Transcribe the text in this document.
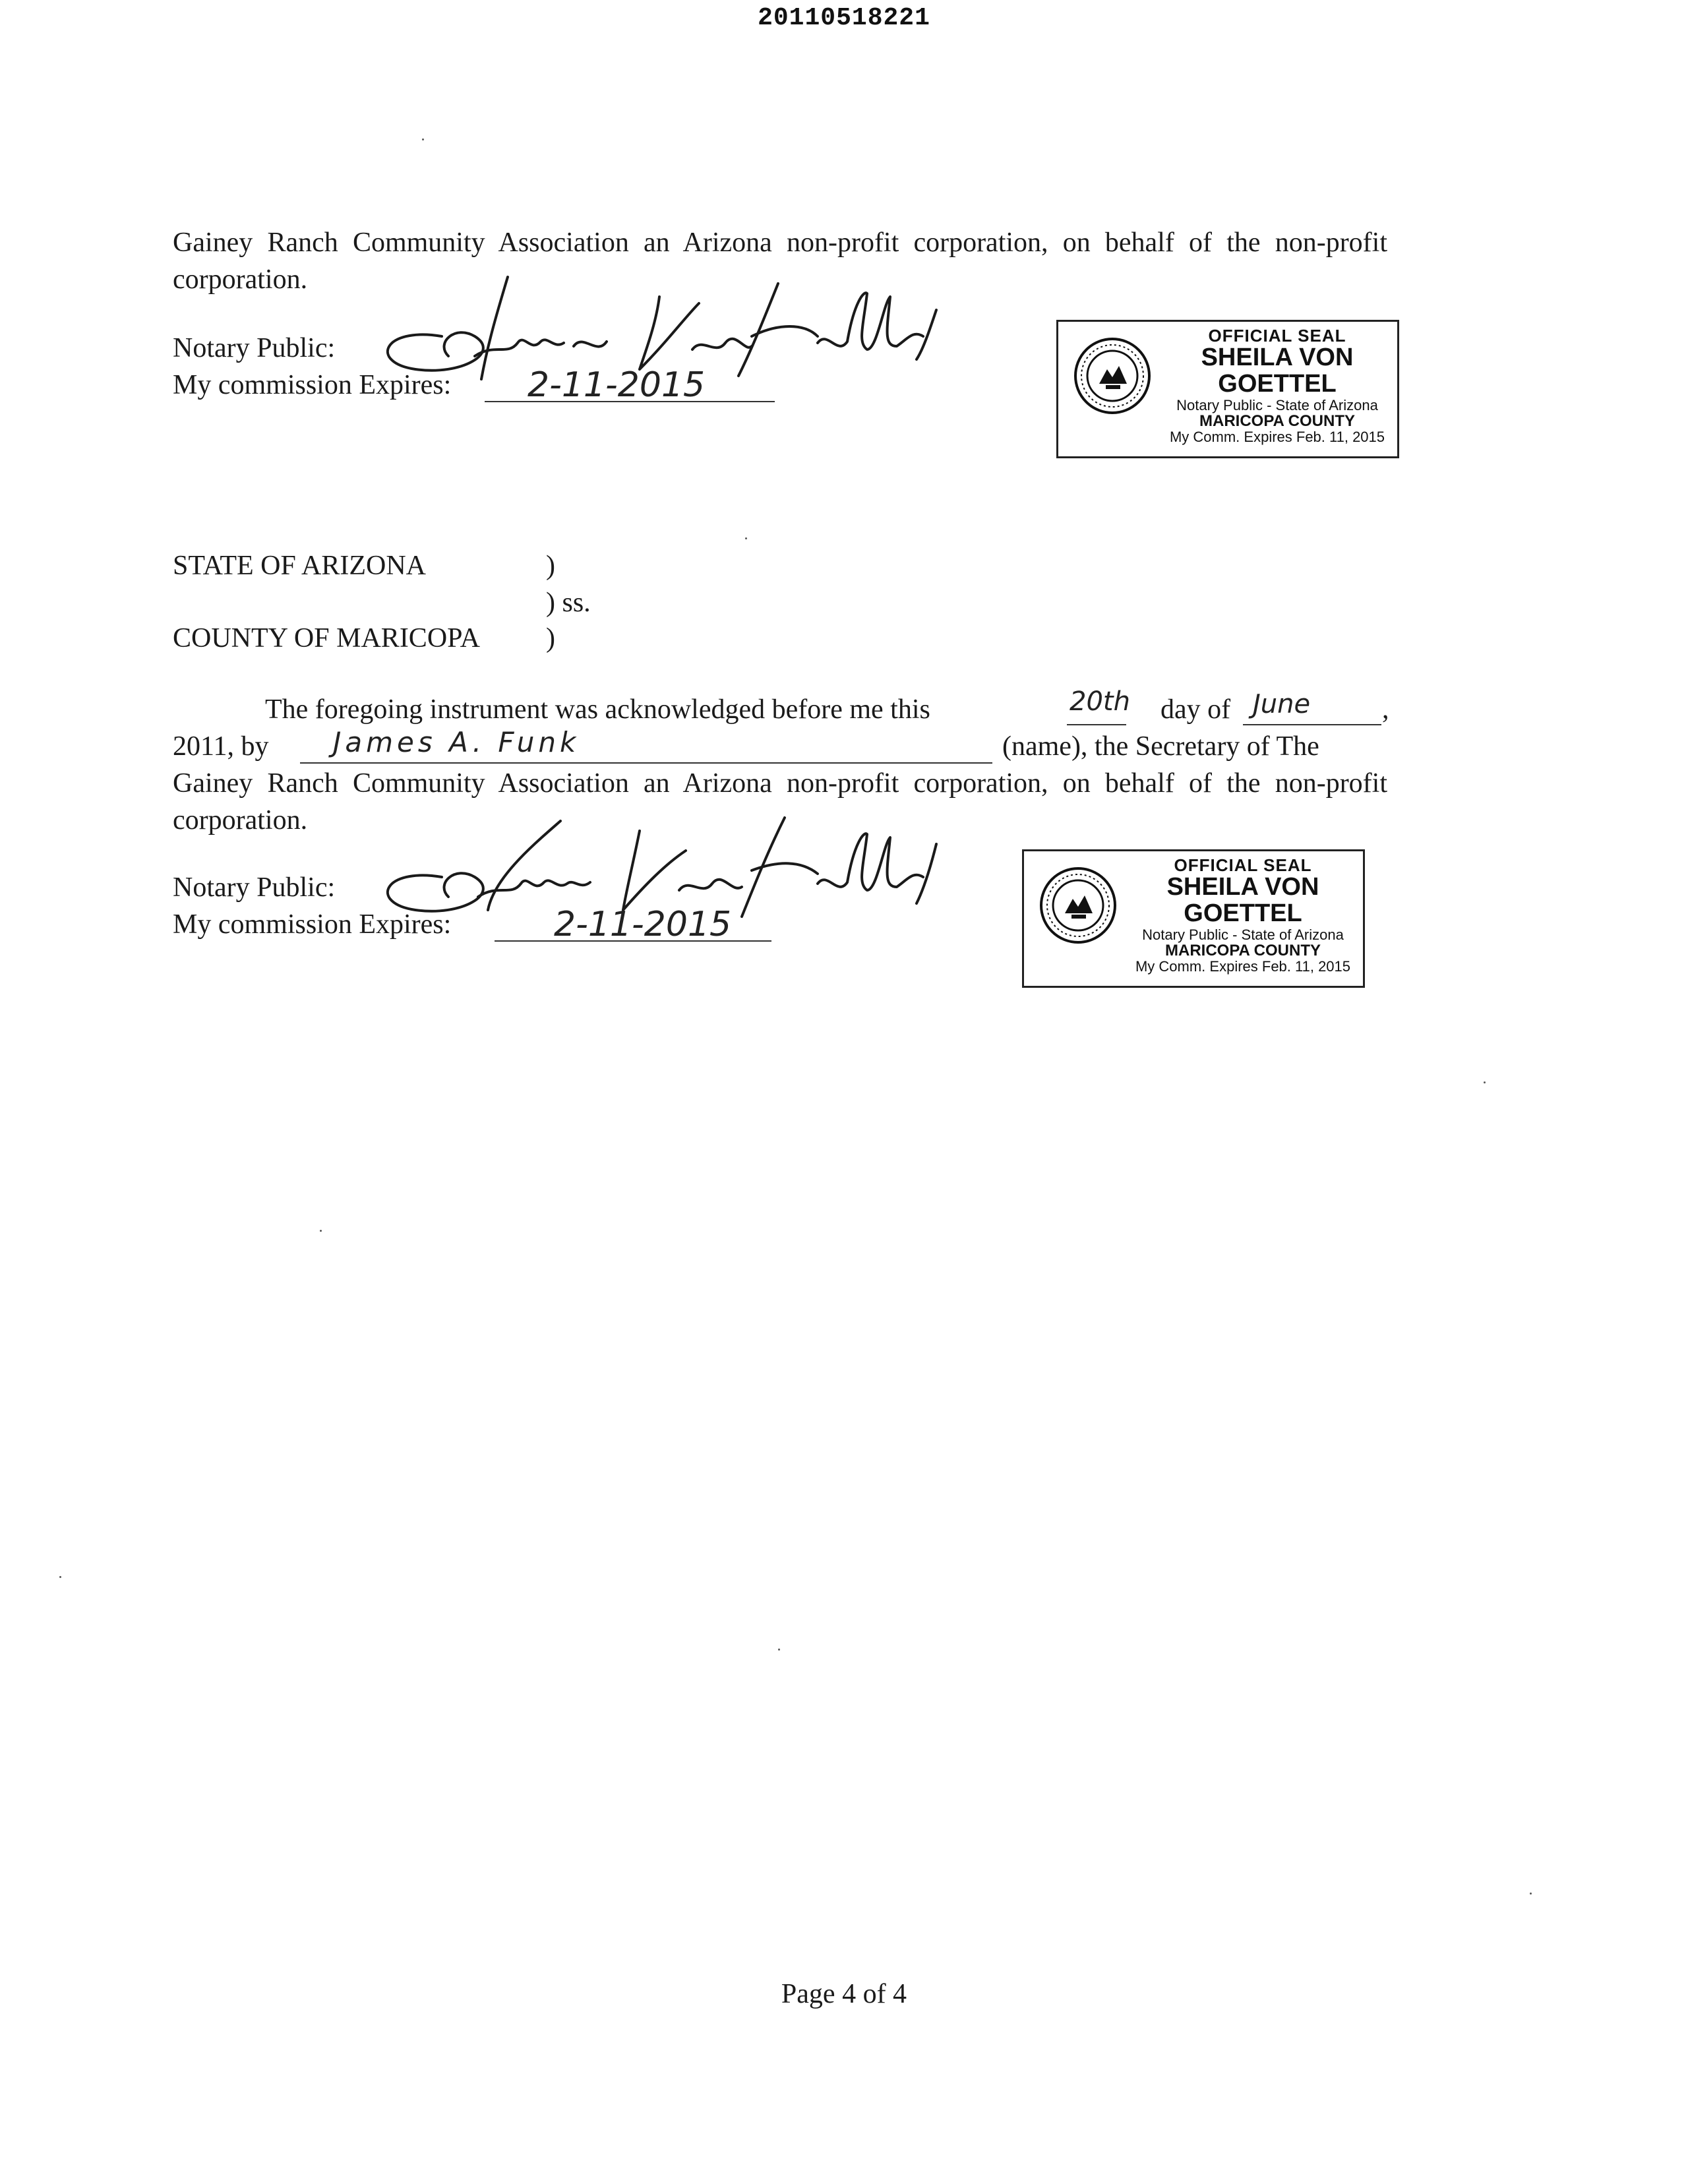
20110518221
Gainey Ranch Community Association an Arizona non-profit corporation, on behalf of the non-profit corporation.
Notary Public:
My commission Expires: 2-11-2015
OFFICIAL SEAL
SHEILA VON GOETTEL
Notary Public - State of Arizona
MARICOPA COUNTY
My Comm. Expires Feb. 11, 2015
STATE OF ARIZONA	)
) ss.
COUNTY OF MARICOPA )
The foregoing instrument was acknowledged before me this	20th day of June	,
2011, by James A. Funk	(name), the Secretary of The
Gainey Ranch Community Association an Arizona non-profit corporation, on behalf of the non-profit corporation.
Notary Public:
My commission Expires:	2-11-2015
OFFICIAL SEAL
SHEILA VON GOETTEL
Notary Public - State of Arizona
MARICOPA COUNTY
My Comm. Expires Feb. 11, 2015
Page 4 of 4
